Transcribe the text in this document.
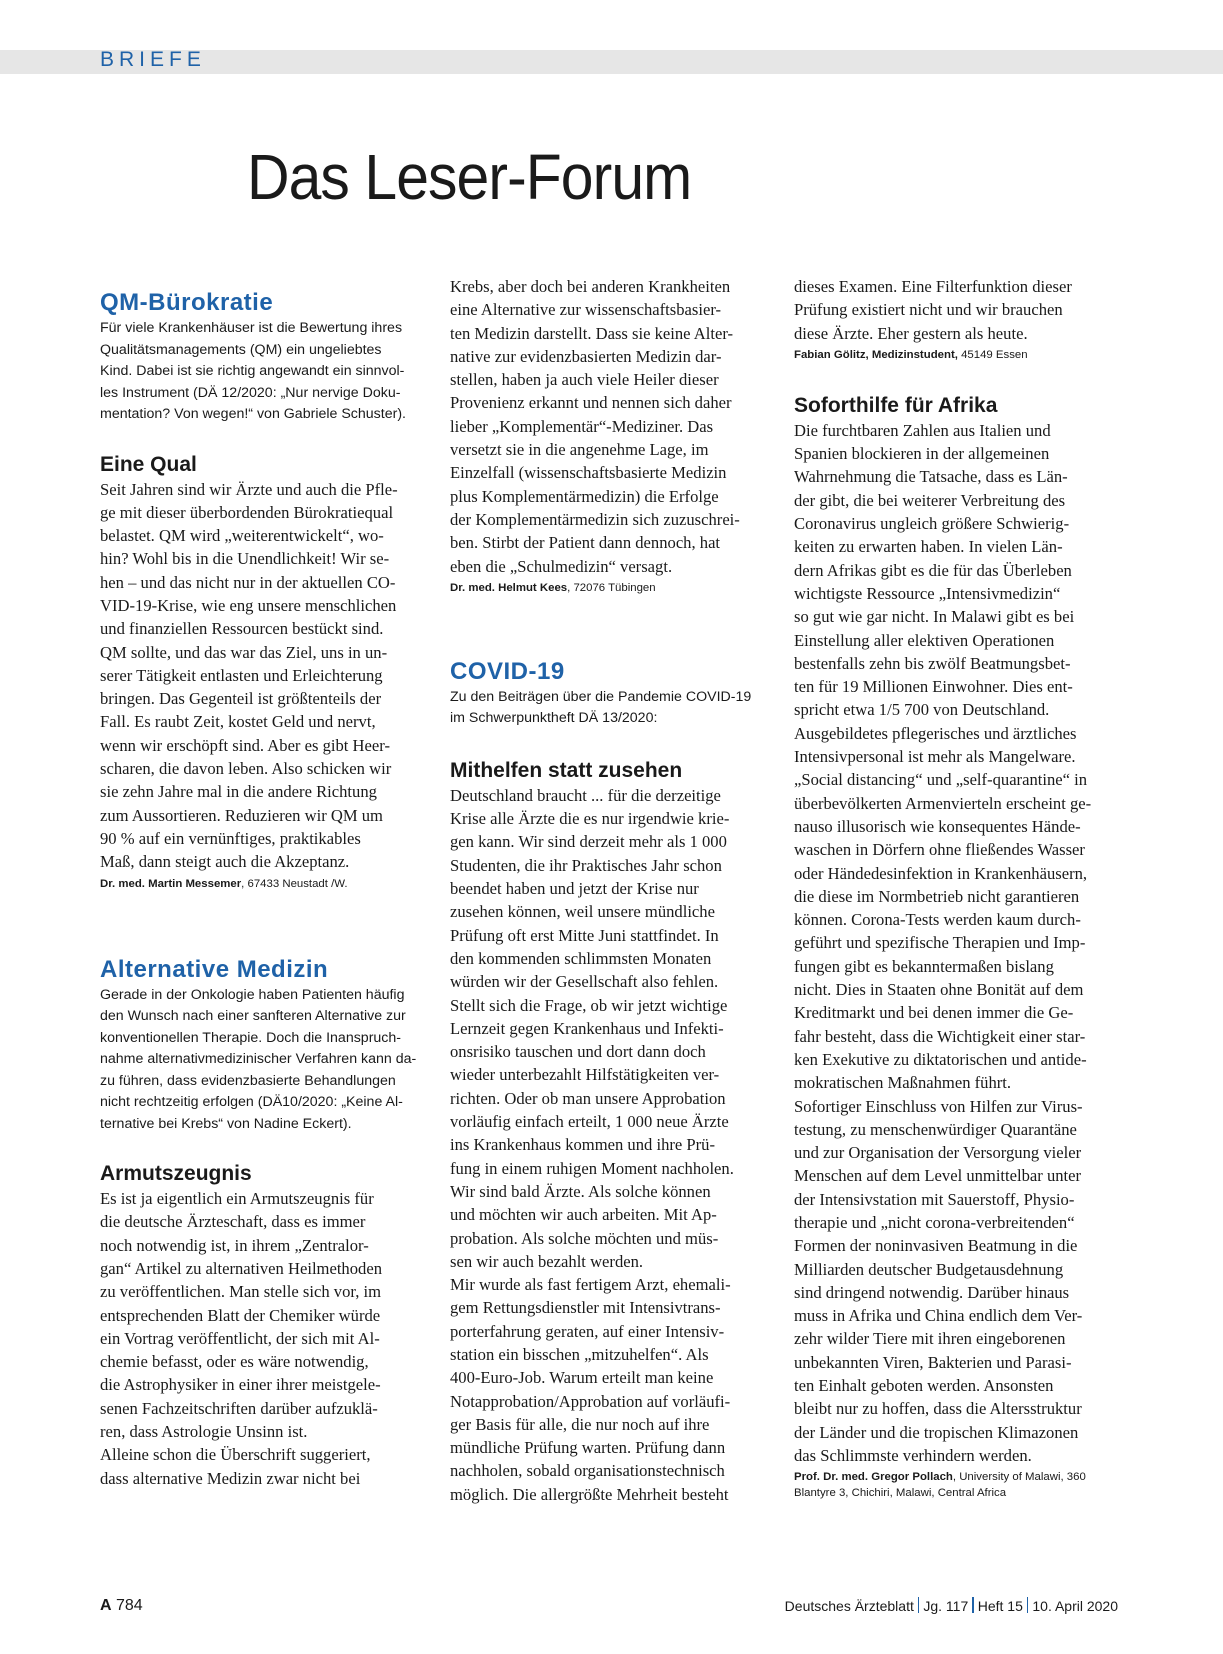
BRIEFE
Das Leser-Forum
QM-Bürokratie

Für viele Krankenhäuser ist die Bewertung ihres
Qualitätsmanagements (QM) ein ungeliebtes
Kind. Dabei ist sie richtig angewandt ein sinnvol-
les Instrument (DÄ 12/2020: „Nur nervige Doku-
mentation? Von wegen!“ von Gabriele Schuster).

Eine Qual

Seit Jahren sind wir Ärzte und auch die Pfle-
ge mit dieser überbordenden Bürokratiequal
belastet. QM wird „weiterentwickelt“, wo-
hin? Wohl bis in die Unendlichkeit! Wir se-
hen – und das nicht nur in der aktuellen CO-
VID-19-Krise, wie eng unsere menschlichen
und finanziellen Ressourcen bestückt sind.
QM sollte, und das war das Ziel, uns in un-
serer Tätigkeit entlasten und Erleichterung
bringen. Das Gegenteil ist größtenteils der
Fall. Es raubt Zeit, kostet Geld und nervt,
wenn wir erschöpft sind. Aber es gibt Heer-
scharen, die davon leben. Also schicken wir
sie zehn Jahre mal in die andere Richtung
zum Aussortieren. Reduzieren wir QM um
90 % auf ein vernünftiges, praktikables
Maß, dann steigt auch die Akzeptanz.

Dr. med. Martin Messemer, 67433 Neustadt /W.

Alternative Medizin

Gerade in der Onkologie haben Patienten häufig
den Wunsch nach einer sanfteren Alternative zur
konventionellen Therapie. Doch die Inanspruch-
nahme alternativmedizinischer Verfahren kann da-
zu führen, dass evidenzbasierte Behandlungen
nicht rechtzeitig erfolgen (DÄ10/2020: „Keine Al-
ternative bei Krebs“ von Nadine Eckert).

Armutszeugnis

Es ist ja eigentlich ein Armutszeugnis für
die deutsche Ärzteschaft, dass es immer
noch notwendig ist, in ihrem „Zentralor-
gan“ Artikel zu alternativen Heilmethoden
zu veröffentlichen. Man stelle sich vor, im
entsprechenden Blatt der Chemiker würde
ein Vortrag veröffentlicht, der sich mit Al-
chemie befasst, oder es wäre notwendig,
die Astrophysiker in einer ihrer meistgele-
senen Fachzeitschriften darüber aufzuklä-
ren, dass Astrologie Unsinn ist.
Alleine schon die Überschrift suggeriert,
dass alternative Medizin zwar nicht bei

Krebs, aber doch bei anderen Krankheiten
eine Alternative zur wissenschaftsbasier-
ten Medizin darstellt. Dass sie keine Alter-
native zur evidenzbasierten Medizin dar-
stellen, haben ja auch viele Heiler dieser
Provenienz erkannt und nennen sich daher
lieber „Komplementär“-Mediziner. Das
versetzt sie in die angenehme Lage, im
Einzelfall (wissenschaftsbasierte Medizin
plus Komplementärmedizin) die Erfolge
der Komplementärmedizin sich zuzuschrei-
ben. Stirbt der Patient dann dennoch, hat
eben die „Schulmedizin“ versagt.

Dr. med. Helmut Kees, 72076 Tübingen

COVID-19

Zu den Beiträgen über die Pandemie COVID-19
im Schwerpunktheft DÄ 13/2020:

Mithelfen statt zusehen

Deutschland braucht ... für die derzeitige
Krise alle Ärzte die es nur irgendwie krie-
gen kann. Wir sind derzeit mehr als 1 000
Studenten, die ihr Praktisches Jahr schon
beendet haben und jetzt der Krise nur
zusehen können, weil unsere mündliche
Prüfung oft erst Mitte Juni stattfindet. In
den kommenden schlimmsten Monaten
würden wir der Gesellschaft also fehlen.
Stellt sich die Frage, ob wir jetzt wichtige
Lernzeit gegen Krankenhaus und Infekti-
onsrisiko tauschen und dort dann doch
wieder unterbezahlt Hilfstätigkeiten ver-
richten. Oder ob man unsere Approbation
vorläufig einfach erteilt, 1 000 neue Ärzte
ins Krankenhaus kommen und ihre Prü-
fung in einem ruhigen Moment nachholen.
Wir sind bald Ärzte. Als solche können
und möchten wir auch arbeiten. Mit Ap-
probation. Als solche möchten und müs-
sen wir auch bezahlt werden.
Mir wurde als fast fertigem Arzt, ehemali-
gem Rettungsdienstler mit Intensivtrans-
porterfahrung geraten, auf einer Intensiv-
station ein bisschen „mitzuhelfen“. Als
400-Euro-Job. Warum erteilt man keine
Notapprobation/Approbation auf vorläufi-
ger Basis für alle, die nur noch auf ihre
mündliche Prüfung warten. Prüfung dann
nachholen, sobald organisationstechnisch
möglich. Die allergrößte Mehrheit besteht

dieses Examen. Eine Filterfunktion dieser
Prüfung existiert nicht und wir brauchen
diese Ärzte. Eher gestern als heute.

Fabian Gölitz, Medizinstudent, 45149 Essen

Soforthilfe für Afrika

Die furchtbaren Zahlen aus Italien und
Spanien blockieren in der allgemeinen
Wahrnehmung die Tatsache, dass es Län-
der gibt, die bei weiterer Verbreitung des
Coronavirus ungleich größere Schwierig-
keiten zu erwarten haben. In vielen Län-
dern Afrikas gibt es die für das Überleben
wichtigste Ressource „Intensivmedizin“
so gut wie gar nicht. In Malawi gibt es bei
Einstellung aller elektiven Operationen
bestenfalls zehn bis zwölf Beatmungsbet-
ten für 19 Millionen Einwohner. Dies ent-
spricht etwa 1/5 700 von Deutschland.
Ausgebildetes pflegerisches und ärztliches
Intensivpersonal ist mehr als Mangelware.
„Social distancing“ und „self-quarantine“ in
überbevölkerten Armenvierteln erscheint ge-
nauso illusorisch wie konsequentes Hände-
waschen in Dörfern ohne fließendes Wasser
oder Händedesinfektion in Krankenhäusern,
die diese im Normbetrieb nicht garantieren
können. Corona-Tests werden kaum durch-
geführt und spezifische Therapien und Imp-
fungen gibt es bekanntermaßen bislang
nicht. Dies in Staaten ohne Bonität auf dem
Kreditmarkt und bei denen immer die Ge-
fahr besteht, dass die Wichtigkeit einer star-
ken Exekutive zu diktatorischen und antide-
mokratischen Maßnahmen führt.
Sofortiger Einschluss von Hilfen zur Virus-
testung, zu menschenwürdiger Quarantäne
und zur Organisation der Versorgung vieler
Menschen auf dem Level unmittelbar unter
der Intensivstation mit Sauerstoff, Physio-
therapie und „nicht corona-verbreitenden“
Formen der noninvasiven Beatmung in die
Milliarden deutscher Budgetausdehnung
sind dringend notwendig. Darüber hinaus
muss in Afrika und China endlich dem Ver-
zehr wilder Tiere mit ihren eingeborenen
unbekannten Viren, Bakterien und Parasi-
ten Einhalt geboten werden. Ansonsten
bleibt nur zu hoffen, dass die Altersstruktur
der Länder und die tropischen Klimazonen
das Schlimmste verhindern werden.

Prof. Dr. med. Gregor Pollach, University of Malawi, 360
Blantyre 3, Chichiri, Malawi, Central Africa

A 784	Deutsches Ärzteblatt Jg. 117 Heft 15 10. April 2020
